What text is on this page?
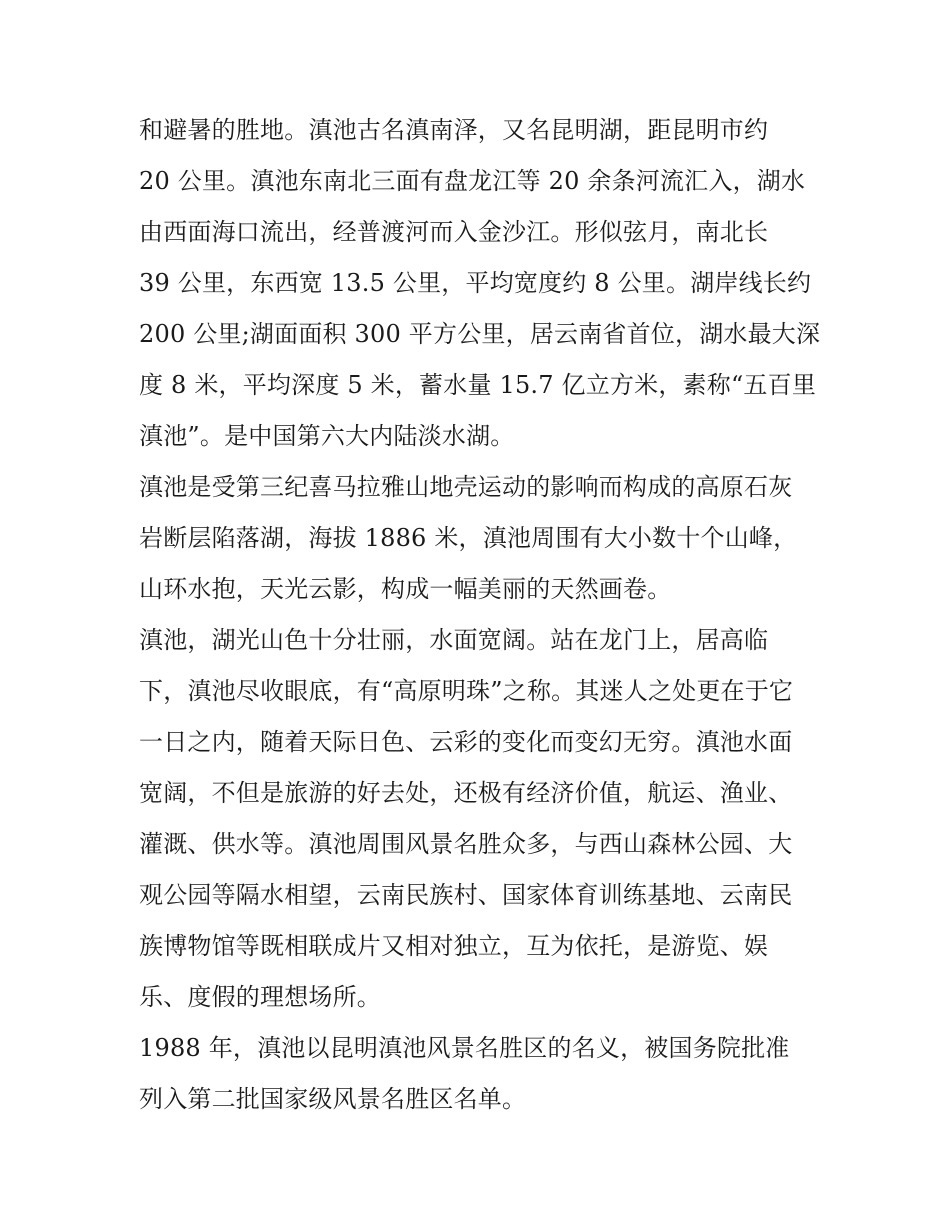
和避暑的胜地。滇池古名滇南泽，又名昆明湖，距昆明市约
20 公里。滇池东南北三面有盘龙江等 20 余条河流汇入，湖水
由西面海口流出，经普渡河而入金沙江。形似弦月，南北长
39 公里，东西宽 13.5 公里，平均宽度约 8 公里。湖岸线长约
200 公里;湖面面积 300 平方公里，居云南省首位，湖水最大深
度 8 米，平均深度 5 米，蓄水量 15.7 亿立方米，素称“五百里
滇池”。是中国第六大内陆淡水湖。
滇池是受第三纪喜马拉雅山地壳运动的影响而构成的高原石灰
岩断层陷落湖，海拔 1886 米，滇池周围有大小数十个山峰，
山环水抱，天光云影，构成一幅美丽的天然画卷。
滇池，湖光山色十分壮丽，水面宽阔。站在龙门上，居高临
下，滇池尽收眼底，有“高原明珠”之称。其迷人之处更在于它
一日之内，随着天际日色、云彩的变化而变幻无穷。滇池水面
宽阔，不但是旅游的好去处，还极有经济价值，航运、渔业、
灌溉、供水等。滇池周围风景名胜众多，与西山森林公园、大
观公园等隔水相望，云南民族村、国家体育训练基地、云南民
族博物馆等既相联成片又相对独立，互为依托，是游览、娱
乐、度假的理想场所。
1988 年，滇池以昆明滇池风景名胜区的名义，被国务院批准
列入第二批国家级风景名胜区名单。
